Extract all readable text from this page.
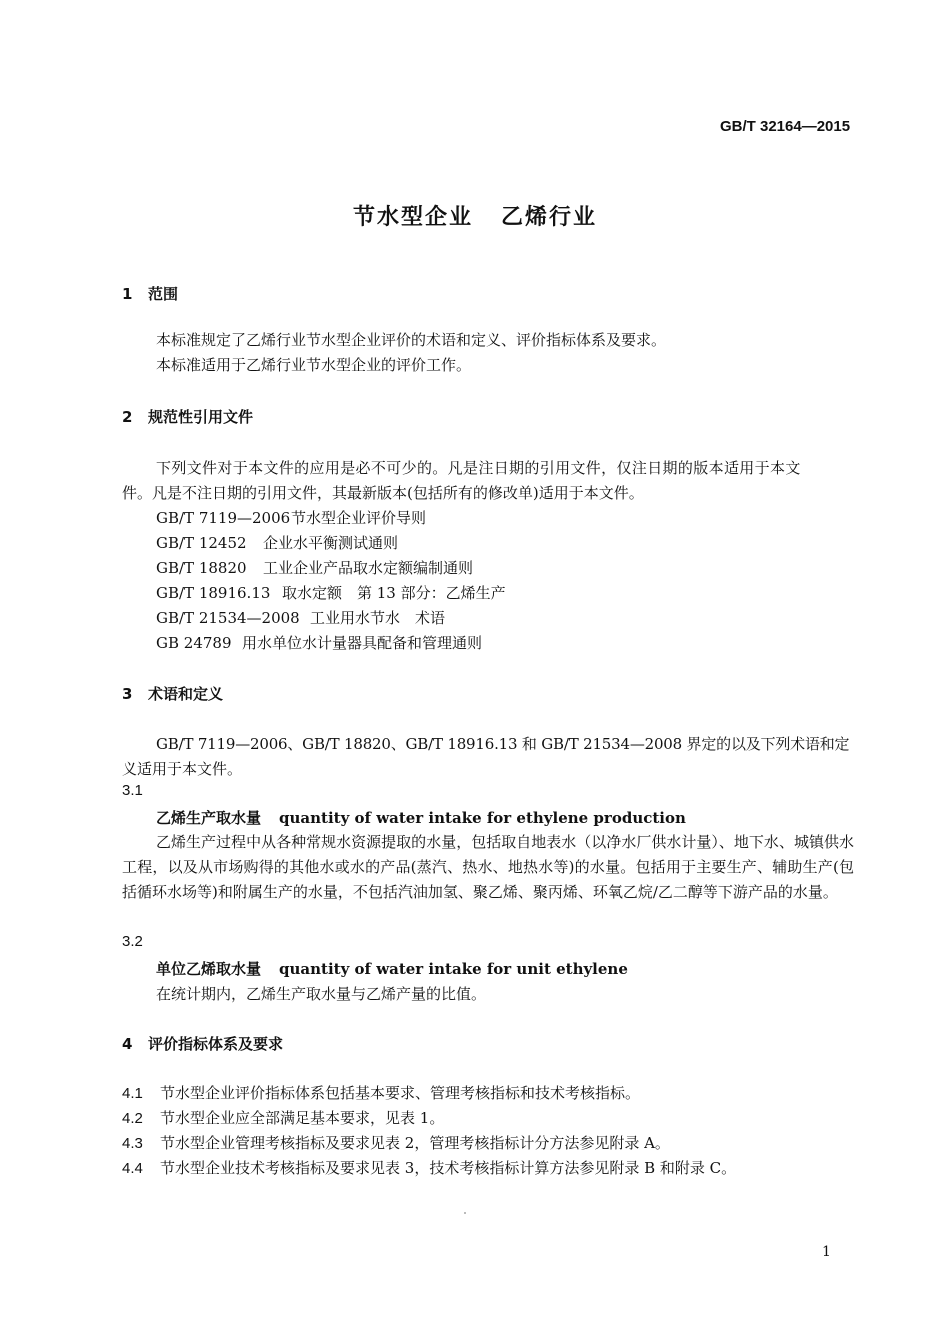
GB/T 32164—2015
节水型企业 乙烯行业
1 范围
本标准规定了乙烯行业节水型企业评价的术语和定义、评价指标体系及要求。
本标准适用于乙烯行业节水型企业的评价工作。
2 规范性引用文件
下列文件对于本文件的应用是必不可少的。凡是注日期的引用文件，仅注日期的版本适用于本文
件。凡是不注日期的引用文件，其最新版本(包括所有的修改单)适用于本文件。
GB/T 7119—2006节水型企业评价导则
GB/T 12452 企业水平衡测试通则
GB/T 18820 工业企业产品取水定额编制通则
GB/T 18916.13 取水定额　第 13 部分：乙烯生产
GB/T 21534—2008 工业用水节水　术语
GB 24789 用水单位水计量器具配备和管理通则
3 术语和定义
GB/T 7119—2006、GB/T 18820、GB/T 18916.13 和 GB/T 21534—2008 界定的以及下列术语和定
义适用于本文件。
3.1
乙烯生产取水量 quantity of water intake for ethylene production
乙烯生产过程中从各种常规水资源提取的水量，包括取自地表水（以净水厂供水计量）、地下水、城镇供水工程，以及从市场购得的其他水或水的产品(蒸汽、热水、地热水等)的水量。包括用于主要生产、辅助生产(包括循环水场等)和附属生产的水量，不包括汽油加氢、聚乙烯、聚丙烯、环氧乙烷/乙二醇等下游产品的水量。
3.2
单位乙烯取水量 quantity of water intake for unit ethylene
在统计期内，乙烯生产取水量与乙烯产量的比值。
4 评价指标体系及要求
4.1 节水型企业评价指标体系包括基本要求、管理考核指标和技术考核指标。
4.2 节水型企业应全部满足基本要求，见表 1。
4.3 节水型企业管理考核指标及要求见表 2，管理考核指标计分方法参见附录 A。
4.4 节水型企业技术考核指标及要求见表 3，技术考核指标计算方法参见附录 B 和附录 C。
1
